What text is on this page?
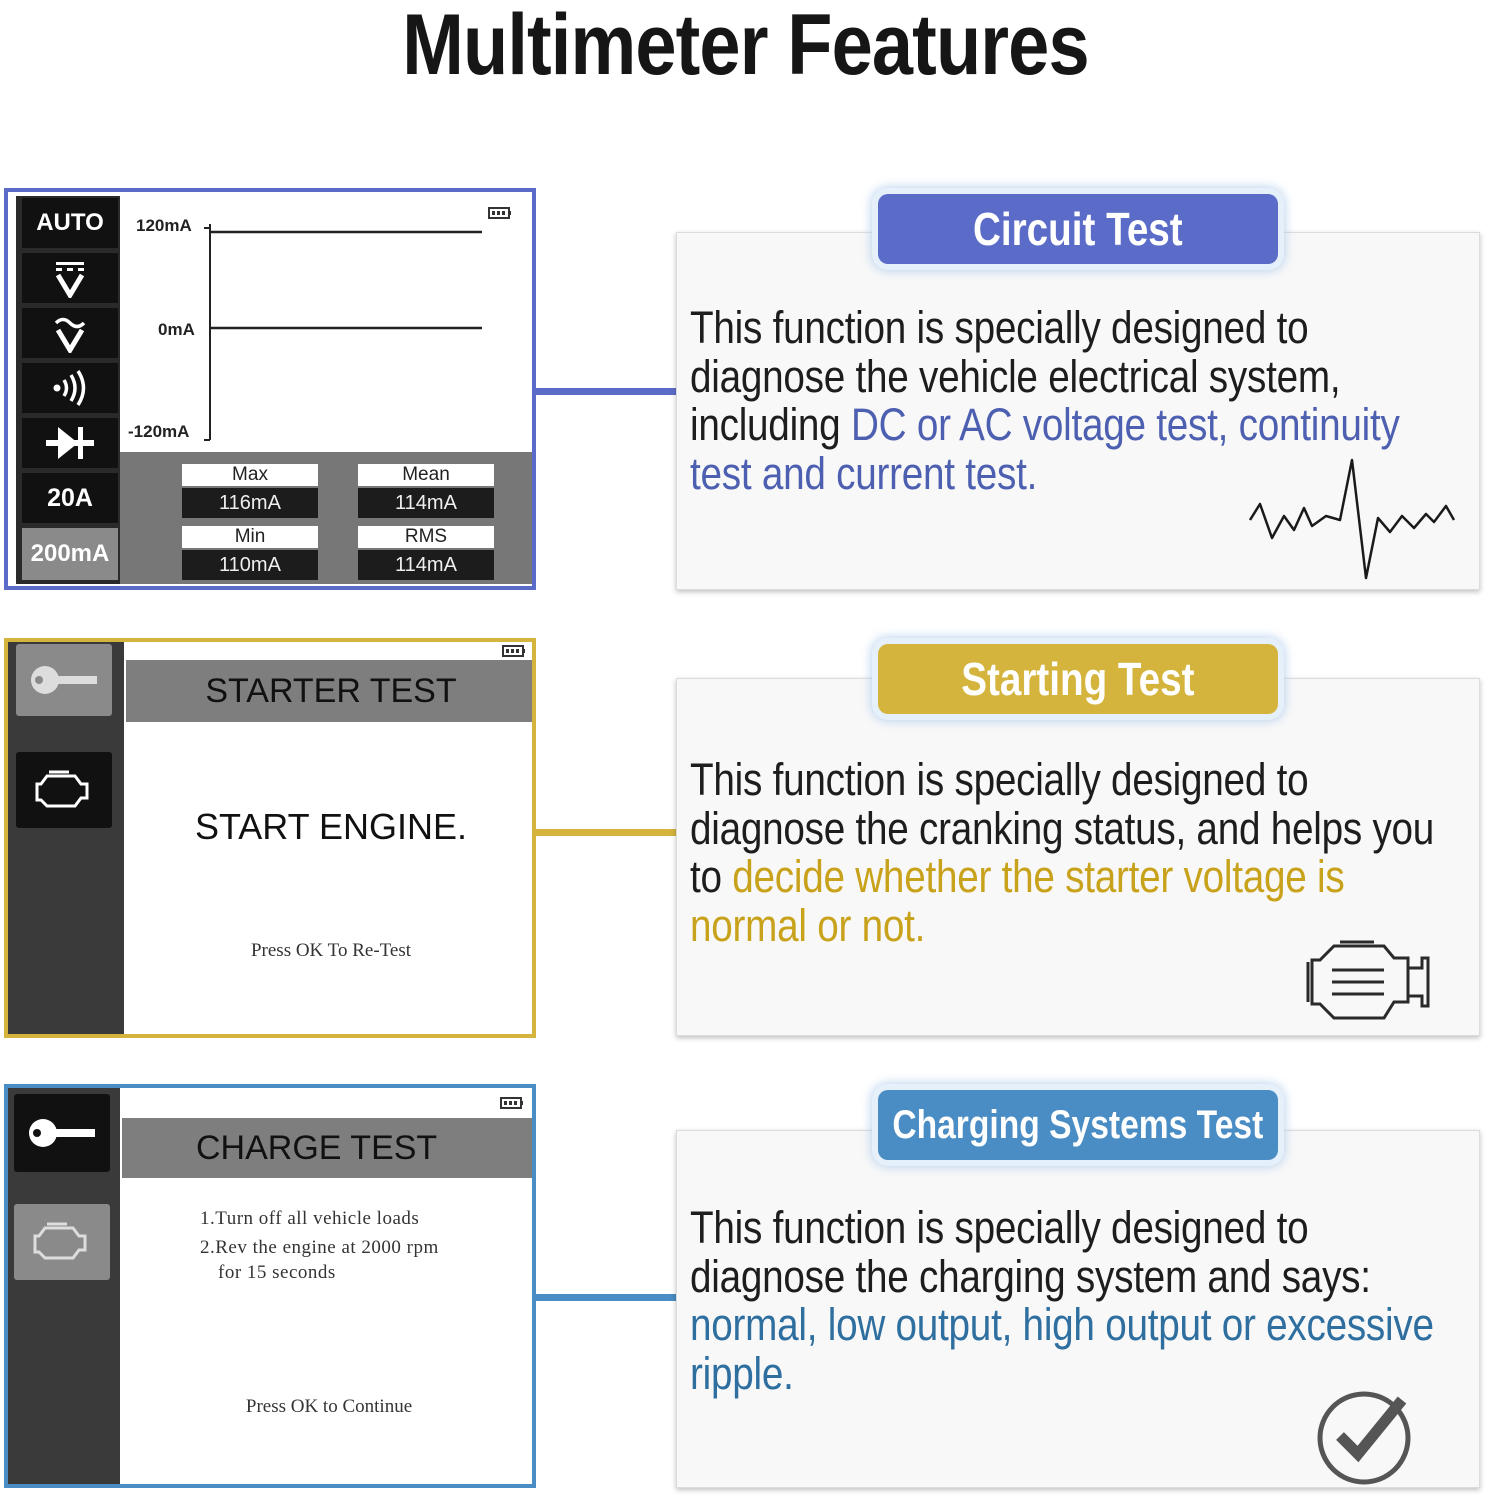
Multimeter Features
AUTO
20A
200mA
120mA
0mA
-120mA
Max
116mA
Mean
114mA
Min
110mA
RMS
114mA
Circuit Test
This function is specially designed to diagnose the vehicle electrical system, including DC or AC voltage test, continuity test and current test.
STARTER TEST
START ENGINE.
Press OK To Re-Test
Starting Test
This function is specially designed to diagnose the cranking status, and helps you to decide whether the starter voltage is normal or not.
CHARGE TEST
1.Turn off all vehicle loads
2.Rev the engine at 2000 rpm
for 15 seconds
Press OK to Continue
Charging Systems Test
This function is specially designed to diagnose the charging system and says: normal, low output, high output or excessive ripple.
